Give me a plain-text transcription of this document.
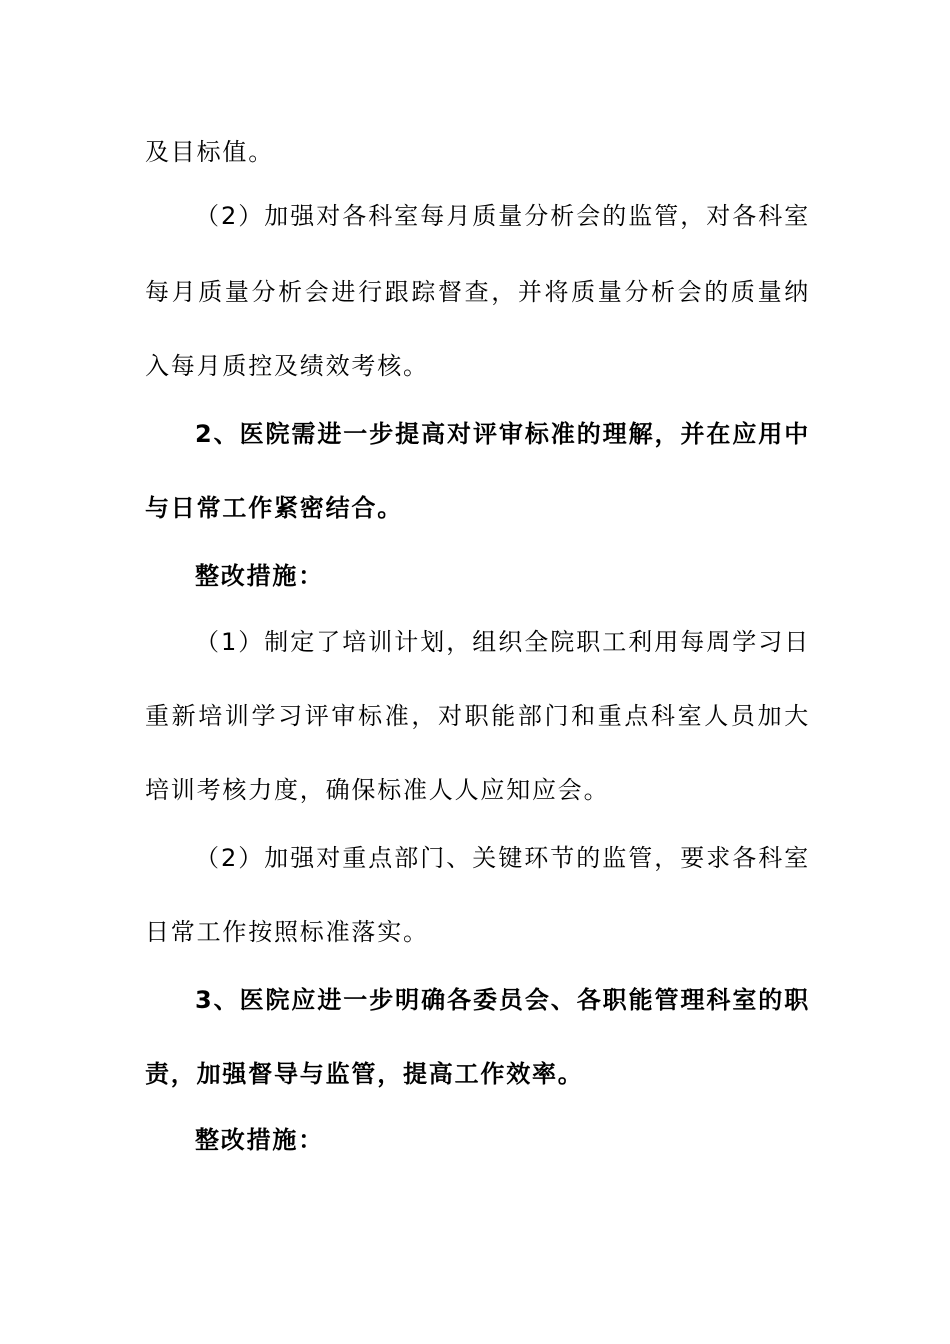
及目标值。
（2）加强对各科室每月质量分析会的监管，对各科室
每月质量分析会进行跟踪督查，并将质量分析会的质量纳
入每月质控及绩效考核。
2、医院需进一步提高对评审标准的理解，并在应用中
与日常工作紧密结合。
整改措施：
（1）制定了培训计划，组织全院职工利用每周学习日
重新培训学习评审标准，对职能部门和重点科室人员加大
培训考核力度，确保标准人人应知应会。
（2）加强对重点部门、关键环节的监管，要求各科室
日常工作按照标准落实。
3、医院应进一步明确各委员会、各职能管理科室的职
责，加强督导与监管，提高工作效率。
整改措施：
